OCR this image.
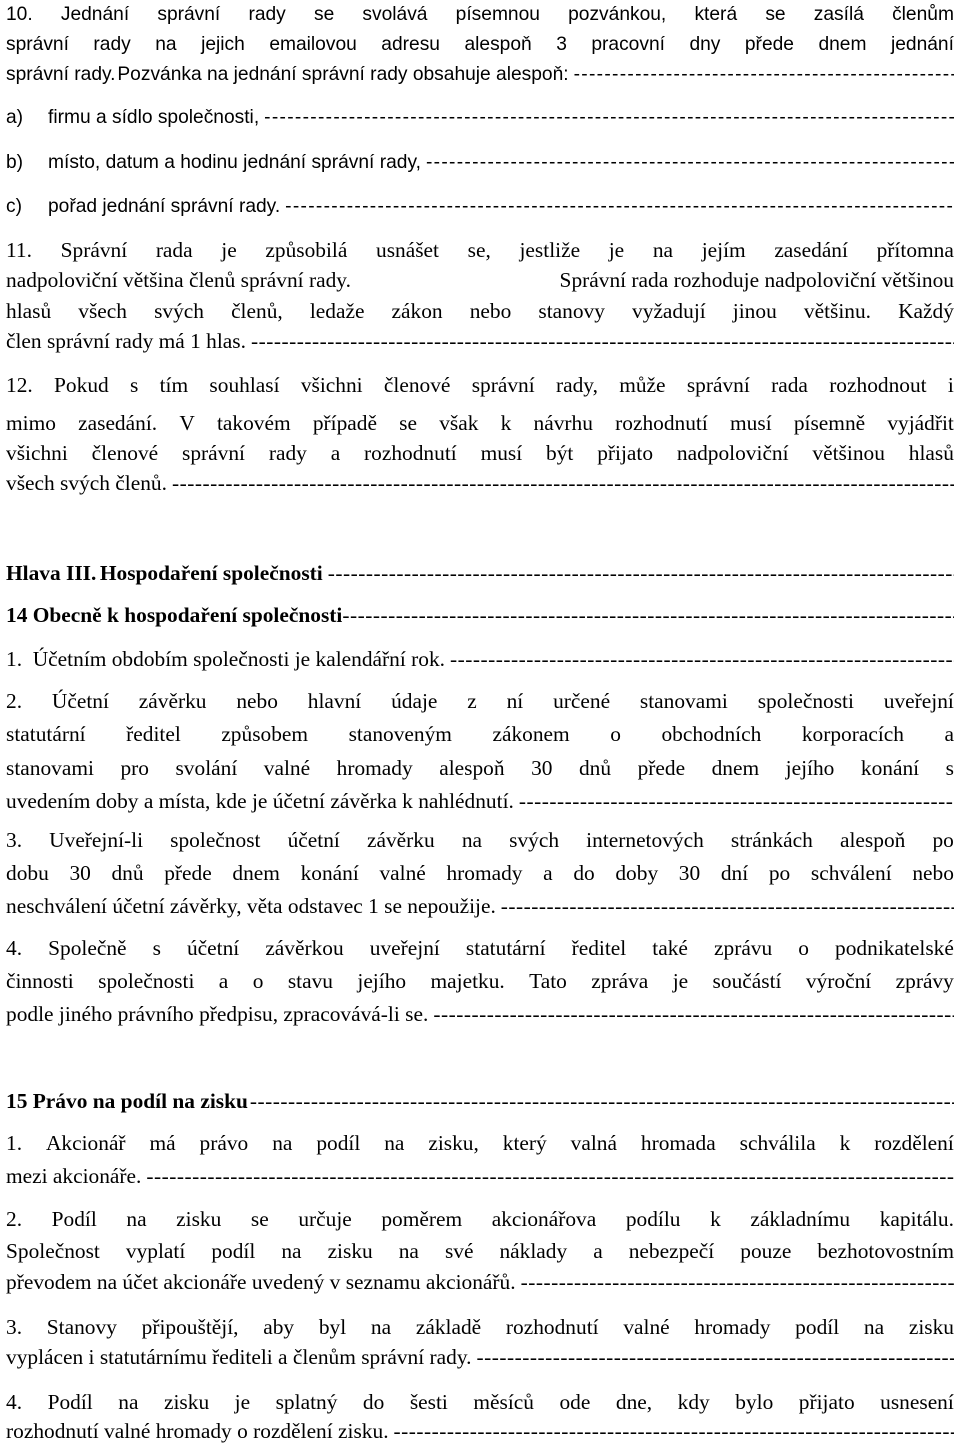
10. Jednání správní rady se svolává písemnou pozvánkou, která se zasílá členům
správní rady na jejich emailovou adresu alespoň 3 pracovní dny přede dnem jednání
správní rady. Pozvánka na jednání správní rady obsahuje alespoň:
-----
a)	firmu a sídlo společnosti,
-----
b)	místo, datum a hodinu jednání správní rady,
-----
c)	pořad jednání správní rady.
-----
11. Správní rada je způsobilá usnášet se, jestliže je na jejím zasedání přítomna
nadpoloviční většina členů správní rady.	Správní rada rozhoduje nadpoloviční většinou
hlasů všech svých členů, ledaže zákon nebo stanovy vyžadují jinou většinu. Každý
člen správní rady má 1 hlas.
-----
12. Pokud s tím souhlasí všichni členové správní rady, může správní rada rozhodnout i
mimo zasedání. V takovém případě se však k návrhu rozhodnutí musí písemně vyjádřit
všichni členové správní rady a rozhodnutí musí být přijato nadpoloviční většinou hlasů
všech svých členů.
-----
Hlava III. Hospodaření společnosti
-----
14 Obecně k hospodaření společnosti
-----
1.  Účetním obdobím společnosti je kalendářní rok.
-----
2. Účetní závěrku nebo hlavní údaje z ní určené stanovami společnosti uveřejní
statutární ředitel způsobem stanoveným zákonem o obchodních korporacích a
stanovami pro svolání valné hromady alespoň 30 dnů přede dnem jejího konání s
uvedením doby a místa, kde je účetní závěrka k nahlédnutí.
-----
3. Uveřejní-li společnost účetní závěrku na svých internetových stránkách alespoň po
dobu 30 dnů přede dnem konání valné hromady a do doby 30 dní po schválení nebo
neschválení účetní závěrky, věta odstavec 1 se nepoužije.
-----
4. Společně s účetní závěrkou uveřejní statutární ředitel také zprávu o podnikatelské
činnosti společnosti a o stavu jejího majetku. Tato zpráva je součástí výroční zprávy
podle jiného právního předpisu, zpracovává-li se.
-----
15 Právo na podíl na zisku
-----
1. Akcionář má právo na podíl na zisku, který valná hromada schválila k rozdělení
mezi akcionáře.
-----
2. Podíl na zisku se určuje poměrem akcionářova podílu k základnímu kapitálu.
Společnost vyplatí podíl na zisku na své náklady a nebezpečí pouze bezhotovostním
převodem na účet akcionáře uvedený v seznamu akcionářů.
-----
3. Stanovy připouštějí, aby byl na základě rozhodnutí valné hromady podíl na zisku
vyplácen i statutárnímu řediteli a členům správní rady.
-----
4. Podíl na zisku je splatný do šesti měsíců ode dne, kdy bylo přijato usnesení
rozhodnutí valné hromady o rozdělení zisku.
-----
